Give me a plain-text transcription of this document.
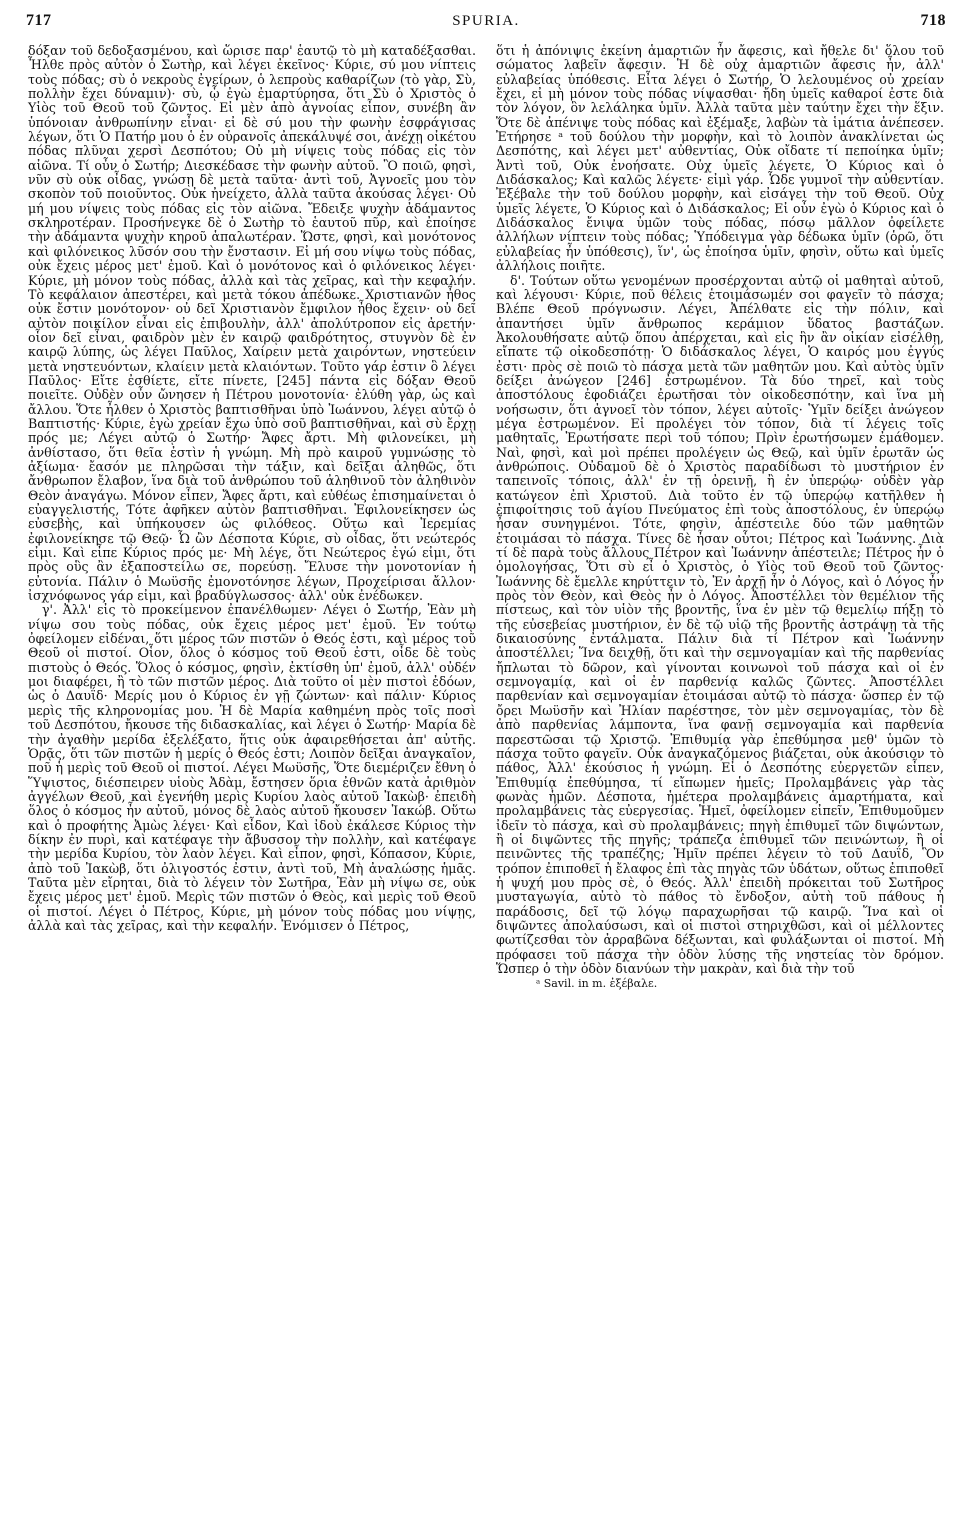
717	SPURIA.	718

δόξαν τοῦ δεδοξασμένου, καὶ ὥρισε παρ' ἑαυτῷ τὸ μὴ καταδέξασθαι. Ἦλθε πρὸς αὐτὸν ὁ Σωτὴρ, καὶ λέγει ἐκεῖνος· Κύριε, σύ μου νίπτεις τοὺς πόδας; σὺ ὁ νεκροὺς ἐγείρων, ὁ λεπροὺς καθαρίζων (τὸ γὰρ, Σὺ, πολλὴν ἔχει δύναμιν)· σὺ, ᾧ ἐγὼ ἐμαρτύρησα, ὅτι Σὺ ὁ Χριστὸς ὁ Υἱὸς τοῦ Θεοῦ τοῦ ζῶντος. Εἰ μὲν ἀπὸ ἀγνοίας εἶπον, συνέβη ἂν ὑπόνοιαν ἀνθρωπίνην εἶναι· εἰ δὲ σύ μου τὴν φωνὴν ἐσφράγισας λέγων, ὅτι Ὁ Πατήρ μου ὁ ἐν οὐρανοῖς ἀπεκάλυψέ σοι, ἀνέχῃ οἰκέτου πόδας πλῦναι χερσὶ Δεσπότου; Οὐ μὴ νίψεις τοὺς πόδας εἰς τὸν αἰῶνα. Τί οὖν ὁ Σωτήρ; Διεσκέδασε τὴν φωνὴν αὐτοῦ. Ὃ ποιῶ, φησὶ, νῦν σὺ οὐκ οἶδας, γνώσῃ δὲ μετὰ ταῦτα· ἀντὶ τοῦ, Ἀγνοεῖς μου τὸν σκοπὸν τοῦ ποιοῦντος. Οὐκ ἠνείχετο, ἀλλὰ ταῦτα ἀκούσας λέγει· Οὐ μή μου νίψεις τοὺς πόδας εἰς τὸν αἰῶνα. Ἔδειξε ψυχὴν ἀδάμαντος σκληροτέραν. Προσήνεγκε δὲ ὁ Σωτὴρ τὸ ἑαυτοῦ πῦρ, καὶ ἐποίησε τὴν ἀδάμαντα ψυχὴν κηροῦ ἁπαλωτέραν. Ὥστε, φησὶ, καὶ μονότονος καὶ φιλόνεικος λῦσόν σου τὴν ἔνστασιν. Εἰ μή σου νίψω τοὺς πόδας, οὐκ ἔχεις μέρος μετ' ἐμοῦ. Καὶ ὁ μονότονος καὶ ὁ φιλόνεικος λέγει· Κύριε, μὴ μόνον τοὺς πόδας, ἀλλὰ καὶ τὰς χεῖρας, καὶ τὴν κεφαλήν. Τὸ κεφάλαιον ἀπεστέρει, καὶ μετὰ τόκου ἀπέδωκε. Χριστιανῶν ἦθος οὐκ ἔστιν μονότονον· οὐ δεῖ Χριστιανὸν ἔμφιλον ἦθος ἔχειν· οὐ δεῖ αὐτὸν ποικίλον εἶναι εἰς ἐπιβουλὴν, ἀλλ' ἀπολύτροπον εἰς ἀρετήν· οἷον δεῖ εἶναι, φαιδρὸν μὲν ἐν καιρῷ φαιδρότητος, στυγνὸν δὲ ἐν καιρῷ λύπης, ὡς λέγει Παῦλος, Χαίρειν μετὰ χαιρόντων, νηστεύειν μετὰ νηστευόντων, κλαίειν μετὰ κλαιόντων. Τοῦτο γάρ ἐστιν ὃ λέγει Παῦλος· Εἴτε ἐσθίετε, εἴτε πίνετε, [245] πάντα εἰς δόξαν Θεοῦ ποιεῖτε. Οὐδὲν οὖν ὤνησεν ἡ Πέτρου μονοτονία· ἐλύθη γὰρ, ὡς καὶ ἄλλου. Ὅτε ἦλθεν ὁ Χριστὸς βαπτισθῆναι ὑπὸ Ἰωάννου, λέγει αὐτῷ ὁ Βαπτιστής· Κύριε, ἐγὼ χρείαν ἔχω ὑπὸ σοῦ βαπτισθῆναι, καὶ σὺ ἔρχῃ πρός με; Λέγει αὐτῷ ὁ Σωτήρ· Ἄφες ἄρτι. Μὴ φιλονείκει, μὴ ἀνθίστασο, ὅτι θεῖα ἐστὶν ἡ γνώμη. Μὴ πρὸ καιροῦ γυμνώσῃς τὸ ἀξίωμα· ἔασόν με πληρῶσαι τὴν τάξιν, καὶ δεῖξαι ἀληθῶς, ὅτι ἄνθρωπον ἔλαβον, ἵνα διὰ τοῦ ἀνθρώπου τοῦ ἀληθινοῦ τὸν ἀληθινὸν Θεὸν ἀναγάγω. Μόνον εἶπεν, Ἄφες ἄρτι, καὶ εὐθέως ἐπισημαίνεται ὁ εὐαγγελιστής, Τότε ἀφῆκεν αὐτὸν βαπτισθῆναι. Ἐφιλονείκησεν ὡς εὐσεβὴς, καὶ ὑπήκουσεν ὡς φιλόθεος. Οὕτω καὶ Ἱερεμίας ἐφιλονείκησε τῷ Θεῷ· Ὦ ὢν Δέσποτα Κύριε, σὺ οἶδας, ὅτι νεώτερός εἰμι. Καὶ εἶπε Κύριος πρός με· Μὴ λέγε, ὅτι Νεώτερος ἐγώ εἰμι, ὅτι πρὸς οὓς ἂν ἐξαποστείλω σε, πορεύσῃ. Ἔλυσε τὴν μονοτονίαν ἡ εὐτονία. Πάλιν ὁ Μωϋσῆς ἐμονοτόνησε λέγων, Προχείρισαι ἄλλον· ἰσχνόφωνος γάρ εἰμι, καὶ βραδύγλωσσος· ἀλλ' οὐκ ἐνέδωκεν.

γ'. Ἀλλ' εἰς τὸ προκείμενον ἐπανέλθωμεν· Λέγει ὁ Σωτήρ, Ἐὰν μὴ νίψω σου τοὺς πόδας, οὐκ ἔχεις μέρος μετ' ἐμοῦ. Ἐν τούτῳ ὀφείλομεν εἰδέναι, ὅτι μέρος τῶν πιστῶν ὁ Θεός ἐστι, καὶ μέρος τοῦ Θεοῦ οἱ πιστοί. Οἷον, ὅλος ὁ κόσμος τοῦ Θεοῦ ἐστι, οἶδε δὲ τοὺς πιστοὺς ὁ Θεός. Ὅλος ὁ κόσμος, φησὶν, ἐκτίσθη ὑπ' ἐμοῦ, ἀλλ' οὐδέν μοι διαφέρει, ἢ τὸ τῶν πιστῶν μέρος. Διὰ τοῦτο οἱ μὲν πιστοὶ ἐδόων, ὡς ὁ Δαυΐδ· Μερίς μου ὁ Κύριος ἐν γῇ ζώντων· καὶ πάλιν· Κύριος μερὶς τῆς κληρονομίας μου. Ἡ δὲ Μαρία καθημένη πρὸς τοῖς ποσὶ τοῦ Δεσπότου, ἤκουσε τῆς διδασκαλίας, καὶ λέγει ὁ Σωτήρ· Μαρία δὲ τὴν ἀγαθὴν μερίδα ἐξελέξατο, ἥτις οὐκ ἀφαιρεθήσεται ἀπ' αὐτῆς. Ὁρᾷς, ὅτι τῶν πιστῶν ἡ μερίς ὁ Θεός ἐστι; Λοιπὸν δεῖξαι ἀναγκαῖον, ποῦ ἡ μερὶς τοῦ Θεοῦ οἱ πιστοί. Λέγει Μωϋσῆς, Ὅτε διεμέριζεν ἔθνη ὁ Ὕψιστος, διέσπειρεν υἱοὺς Ἀδὰμ, ἔστησεν ὅρια ἐθνῶν κατὰ ἀριθμὸν ἀγγέλων Θεοῦ, καὶ ἐγενήθη μερὶς Κυρίου λαὸς αὐτοῦ Ἰακὼβ· ἐπειδὴ ὅλος ὁ κόσμος ἦν αὐτοῦ, μόνος δὲ λαὸς αὐτοῦ ἤκουσεν Ἰακώβ. Οὕτω καὶ ὁ προφήτης Ἀμὼς λέγει· Καὶ εἶδον, Καὶ ἰδοὺ ἐκάλεσε Κύριος τὴν δίκην ἐν πυρὶ, καὶ κατέφαγε τὴν ἄβυσσον τὴν πολλὴν, καὶ κατέφαγε τὴν μερίδα Κυρίου, τὸν λαὸν λέγει. Καὶ εἶπον, φησὶ, Κόπασον, Κύριε, ἀπὸ τοῦ Ἰακὼβ, ὅτι ὀλιγοστός ἐστιν, ἀντὶ τοῦ, Μὴ ἀναλώσῃς ἡμᾶς. Ταῦτα μὲν εἴρηται, διὰ τὸ λέγειν τὸν Σωτῆρα, Ἐὰν μὴ νίψω σε, οὐκ ἔχεις μέρος μετ' ἐμοῦ. Μερὶς τῶν πιστῶν ὁ Θεὸς, καὶ μερὶς τοῦ Θεοῦ οἱ πιστοί. Λέγει ὁ Πέτρος, Κύριε, μὴ μόνον τοὺς πόδας μου νίψῃς, ἀλλὰ καὶ τὰς χεῖρας, καὶ τὴν κεφαλήν. Ἐνόμισεν ὁ Πέτρος,

ὅτι ἡ ἀπόνιψις ἐκείνη ἁμαρτιῶν ἦν ἄφεσις, καὶ ἤθελε δι' ὅλου τοῦ σώματος λαβεῖν ἄφεσιν. Ἡ δὲ οὐχ ἁμαρτιῶν ἄφεσις ἦν, ἀλλ' εὐλαβείας ὑπόθεσις. Εἶτα λέγει ὁ Σωτήρ, Ὁ λελουμένος οὐ χρείαν ἔχει, εἰ μὴ μόνον τοὺς πόδας νίψασθαι· ἤδη ὑμεῖς καθαροί ἐστε διὰ τὸν λόγον, ὃν λελάληκα ὑμῖν. Ἀλλὰ ταῦτα μὲν ταύτην ἔχει τὴν ἕξιν. Ὅτε δὲ ἀπένιψε τοὺς πόδας καὶ ἐξέμαξε, λαβὼν τὰ ἱμάτια ἀνέπεσεν. Ἐτήρησε ᵃ τοῦ δούλου τὴν μορφὴν, καὶ τὸ λοιπὸν ἀνακλίνεται ὡς Δεσπότης, καὶ λέγει μετ' αὐθεντίας, Οὐκ οἴδατε τί πεποίηκα ὑμῖν; Ἀντὶ τοῦ, Οὐκ ἐνοήσατε. Οὐχ ὑμεῖς λέγετε, Ὁ Κύριος καὶ ὁ Διδάσκαλος; Καὶ καλῶς λέγετε· εἰμὶ γάρ. Ὧδε γυμνοῖ τὴν αὐθεντίαν. Ἐξέβαλε τὴν τοῦ δούλου μορφὴν, καὶ εἰσάγει τὴν τοῦ Θεοῦ. Οὐχ ὑμεῖς λέγετε, Ὁ Κύριος καὶ ὁ Διδάσκαλος; Εἰ οὖν ἐγὼ ὁ Κύριος καὶ ὁ Διδάσκαλος ἔνιψα ὑμῶν τοὺς πόδας, πόσῳ μᾶλλον ὀφείλετε ἀλλήλων νίπτειν τοὺς πόδας; Ὑπόδειγμα γὰρ δέδωκα ὑμῖν (ὁρῶ, ὅτι εὐλαβείας ἦν ὑπόθεσις), ἵν', ὡς ἐποίησα ὑμῖν, φησὶν, οὕτω καὶ ὑμεῖς ἀλλήλοις ποιῆτε.

δ'. Τούτων οὕτω γενομένων προσέρχονται αὐτῷ οἱ μαθηταὶ αὐτοῦ, καὶ λέγουσι· Κύριε, ποῦ θέλεις ἑτοιμάσωμέν σοι φαγεῖν τὸ πάσχα; Βλέπε Θεοῦ πρόγνωσιν. Λέγει, Ἀπέλθατε εἰς τὴν πόλιν, καὶ ἀπαντήσει ὑμῖν ἄνθρωπος κεράμιον ὕδατος βαστάζων. Ἀκολουθήσατε αὐτῷ ὅπου ἀπέρχεται, καὶ εἰς ἣν ἂν οἰκίαν εἰσέλθῃ, εἴπατε τῷ οἰκοδεσπότῃ· Ὁ διδάσκαλος λέγει, Ὁ καιρός μου ἐγγύς ἐστι· πρὸς σὲ ποιῶ τὸ πάσχα μετὰ τῶν μαθητῶν μου. Καὶ αὐτὸς ὑμῖν δείξει ἀνώγεον [246] ἐστρωμένον. Τὰ δύο τηρεῖ, καὶ τοὺς ἀποστόλους ἐφοδιάζει ἐρωτῆσαι τὸν οἰκοδεσπότην, καὶ ἵνα μὴ νοήσωσιν, ὅτι ἀγνοεῖ τὸν τόπον, λέγει αὐτοῖς· Ὑμῖν δείξει ἀνώγεον μέγα ἐστρωμένον. Εἰ προλέγει τὸν τόπον, διὰ τί λέγεις τοῖς μαθηταῖς, Ἐρωτήσατε περὶ τοῦ τόπου; Πρὶν ἐρωτήσωμεν ἐμάθομεν. Ναὶ, φησὶ, καὶ μοὶ πρέπει προλέγειν ὡς Θεῷ, καὶ ὑμῖν ἐρωτᾶν ὡς ἀνθρώποις. Οὐδαμοῦ δὲ ὁ Χριστὸς παραδίδωσι τὸ μυστήριον ἐν ταπεινοῖς τόποις, ἀλλ' ἐν τῇ ὀρεινῇ, ἢ ἐν ὑπερῴῳ· οὐδὲν γὰρ κατώγεον ἐπὶ Χριστοῦ. Διὰ τοῦτο ἐν τῷ ὑπερῴῳ κατῆλθεν ἡ ἐπιφοίτησις τοῦ ἁγίου Πνεύματος ἐπὶ τοὺς ἀποστόλους, ἐν ὑπερῴῳ ἦσαν συνηγμένοι. Τότε, φησὶν, ἀπέστειλε δύο τῶν μαθητῶν ἑτοιμάσαι τὸ πάσχα. Τίνες δὲ ἦσαν οὗτοι; Πέτρος καὶ Ἰωάννης. Διὰ τί δὲ παρὰ τοὺς ἄλλους Πέτρον καὶ Ἰωάννην ἀπέστειλε; Πέτρος ἦν ὁ ὁμολογήσας, Ὅτι σὺ εἶ ὁ Χριστὸς, ὁ Υἱὸς τοῦ Θεοῦ τοῦ ζῶντος· Ἰωάννης δὲ ἔμελλε κηρύττειν τὸ, Ἐν ἀρχῇ ἦν ὁ Λόγος, καὶ ὁ Λόγος ἦν πρὸς τὸν Θεὸν, καὶ Θεὸς ἦν ὁ Λόγος. Ἀποστέλλει τὸν θεμέλιον τῆς πίστεως, καὶ τὸν υἱὸν τῆς βροντῆς, ἵνα ἐν μὲν τῷ θεμελίῳ πήξῃ τὸ τῆς εὐσεβείας μυστήριον, ἐν δὲ τῷ υἱῷ τῆς βροντῆς ἀστράψῃ τὰ τῆς δικαιοσύνης ἐντάλματα. Πάλιν διὰ τί Πέτρον καὶ Ἰωάννην ἀποστέλλει; Ἵνα δειχθῇ, ὅτι καὶ τὴν σεμνογαμίαν καὶ τῆς παρθενίας ἤπλωται τὸ δῶρον, καὶ γίνονται κοινωνοὶ τοῦ πάσχα καὶ οἱ ἐν σεμνογαμίᾳ, καὶ οἱ ἐν παρθενίᾳ καλῶς ζῶντες. Ἀποστέλλει παρθενίαν καὶ σεμνογαμίαν ἑτοιμάσαι αὐτῷ τὸ πάσχα· ὥσπερ ἐν τῷ ὄρει Μωϋσῆν καὶ Ἠλίαν παρέστησε, τὸν μὲν σεμνογαμίας, τὸν δὲ ἀπὸ παρθενίας λάμποντα, ἵνα φανῇ σεμνογαμία καὶ παρθενία παρεστῶσαι τῷ Χριστῷ. Ἐπιθυμίᾳ γὰρ ἐπεθύμησα μεθ' ὑμῶν τὸ πάσχα τοῦτο φαγεῖν. Οὐκ ἀναγκαζόμενος βιάζεται, οὐκ ἀκούσιον τὸ πάθος, Ἀλλ' ἑκούσιος ἡ γνώμη. Εἰ ὁ Δεσπότης εὐεργετῶν εἶπεν, Ἐπιθυμίᾳ ἐπεθύμησα, τί εἴπωμεν ἡμεῖς; Προλαμβάνεις γὰρ τὰς φωνὰς ἡμῶν. Δέσποτα, ἡμέτερα προλαμβάνεις ἁμαρτήματα, καὶ προλαμβάνεις τὰς εὐεργεσίας. Ἡμεῖ, ὀφείλομεν εἰπεῖν, Ἐπιθυμοῦμεν ἰδεῖν τὸ πάσχα, καὶ σὺ προλαμβάνεις; πηγὴ ἐπιθυμεῖ τῶν διψώντων, ἢ οἱ διψῶντες τῆς πηγῆς; τράπεζα ἐπιθυμεῖ τῶν πεινώντων, ἢ οἱ πεινῶντες τῆς τραπέζης; Ἡμῖν πρέπει λέγειν τὸ τοῦ Δαυΐδ, Ὃν τρόπον ἐπιποθεῖ ἡ ἔλαφος ἐπὶ τὰς πηγὰς τῶν ὑδάτων, οὕτως ἐπιποθεῖ ἡ ψυχή μου πρὸς σὲ, ὁ Θεός. Ἀλλ' ἐπειδὴ πρόκειται τοῦ Σωτῆρος μυσταγωγία, αὐτὸ τὸ πάθος τὸ ἔνδοξον, αὐτὴ τοῦ πάθους ἡ παράδοσις, δεῖ τῷ λόγῳ παραχωρῆσαι τῷ καιρῷ. Ἵνα καὶ οἱ διψῶντες ἀπολαύσωσι, καὶ οἱ πιστοὶ στηριχθῶσι, καὶ οἱ μέλλοντες φωτίζεσθαι τὸν ἀρραβῶνα δέξωνται, καὶ φυλάξωνται οἱ πιστοί. Μὴ πρόφασει τοῦ πάσχα τὴν ὁδὸν λύσῃς τῆς νηστείας τὸν δρόμον. Ὥσπερ ὁ τὴν ὁδὸν διανύων τὴν μακρὰν, καὶ διὰ τὴν τοῦ

ᵃ Savil. in m. ἐξέβαλε.
